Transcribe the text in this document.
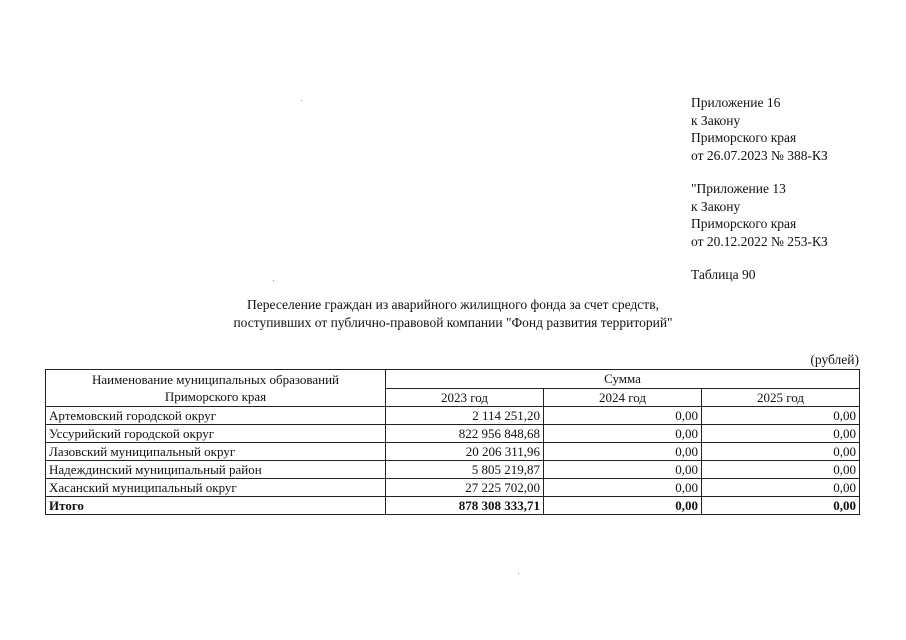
Приложение 16
к Закону
Приморского края
от 26.07.2023 № 388-КЗ
"Приложение 13
к Закону
Приморского края
от 20.12.2022 № 253-КЗ
Таблица 90
Переселение граждан из аварийного жилищного фонда за счет средств,
поступивших от публично-правовой компании "Фонд развития территорий"
(рублей)
Наименование муниципальных образований
Приморского края	Сумма		
	2023 год	2024 год	2025 год
Артемовский городской округ	2 114 251,20	0,00	0,00
Уссурийский городской округ	822 956 848,68	0,00	0,00
Лазовский муниципальный округ	20 206 311,96	0,00	0,00
Надеждинский муниципальный район	5 805 219,87	0,00	0,00
Хасанский муниципальный округ	27 225 702,00	0,00	0,00
Итого	878 308 333,71	0,00	0,00
